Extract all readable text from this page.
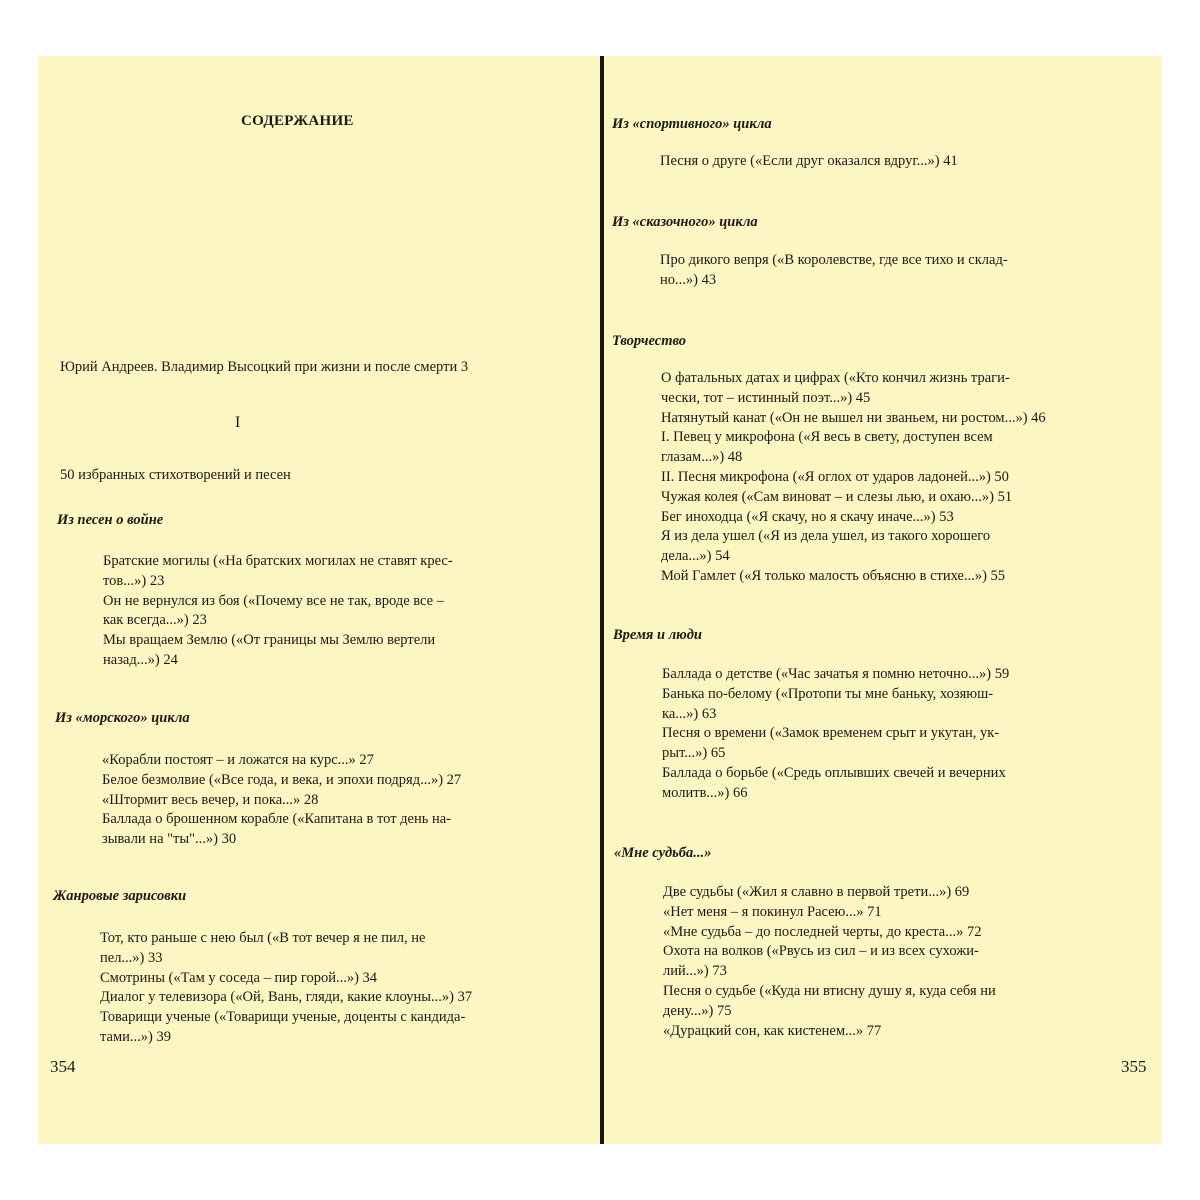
СОДЕРЖАНИЕ
Юрий Андреев. Владимир Высоцкий при жизни и после смерти 3
I
50 избранных стихотворений и песен
Из песен о войне
Братские могилы («На братских могилах не ставят крес-
тов...») 23
Он не вернулся из боя («Почему все не так, вроде все –
как всегда...») 23
Мы вращаем Землю («От границы мы Землю вертели
назад...») 24
Из «морского» цикла
«Корабли постоят – и ложатся на курс...» 27
Белое безмолвие («Все года, и века, и эпохи подряд...») 27
«Штормит весь вечер, и пока...» 28
Баллада о брошенном корабле («Капитана в тот день на-
зывали на "ты"...») 30
Жанровые зарисовки
Тот, кто раньше с нею был («В тот вечер я не пил, не
пел...») 33
Смотрины («Там у соседа – пир горой...») 34
Диалог у телевизора («Ой, Вань, гляди, какие клоуны...») 37
Товарищи ученые («Товарищи ученые, доценты с кандида-
тами...») 39
354
Из «спортивного» цикла
Песня о друге («Если друг оказался вдруг...») 41
Из «сказочного» цикла
Про дикого вепря («В королевстве, где все тихо и склад-
но...») 43
Творчество
О фатальных датах и цифрах («Кто кончил жизнь траги-
чески, тот – истинный поэт...») 45
Натянутый канат («Он не вышел ни званьем, ни ростом...») 46
I. Певец у микрофона («Я весь в свету, доступен всем
глазам...») 48
II. Песня микрофона («Я оглох от ударов ладоней...») 50
Чужая колея («Сам виноват – и слезы лью, и охаю...») 51
Бег иноходца («Я скачу, но я скачу иначе...») 53
Я из дела ушел («Я из дела ушел, из такого хорошего
дела...») 54
Мой Гамлет («Я только малость объясню в стихе...») 55
Время и люди
Баллада о детстве («Час зачатья я помню неточно...») 59
Банька по-белому («Протопи ты мне баньку, хозяюш-
ка...») 63
Песня о времени («Замок временем срыт и укутан, ук-
рыт...») 65
Баллада о борьбе («Средь оплывших свечей и вечерних
молитв...») 66
«Мне судьба...»
Две судьбы («Жил я славно в первой трети...») 69
«Нет меня – я покинул Расею...» 71
«Мне судьба – до последней черты, до креста...» 72
Охота на волков («Рвусь из сил – и из всех сухожи-
лий...») 73
Песня о судьбе («Куда ни втисну душу я, куда себя ни
дену...») 75
«Дурацкий сон, как кистенем...» 77
355
